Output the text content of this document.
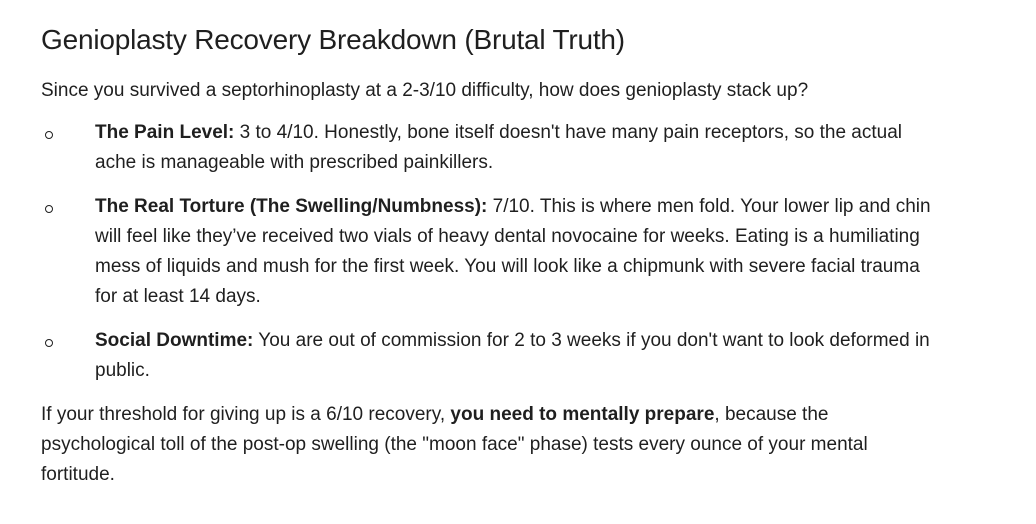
Genioplasty Recovery Breakdown (Brutal Truth)

Since you survived a septorhinoplasty at a 2-3/10 difficulty, how does genioplasty stack up?

The Pain Level: 3 to 4/10. Honestly, bone itself doesn't have many pain receptors, so the actual ache is manageable with prescribed painkillers.
The Real Torture (The Swelling/Numbness): 7/10. This is where men fold. Your lower lip and chin will feel like they’ve received two vials of heavy dental novocaine for weeks. Eating is a humiliating mess of liquids and mush for the first week. You will look like a chipmunk with severe facial trauma for at least 14 days.
Social Downtime: You are out of commission for 2 to 3 weeks if you don't want to look deformed in public.

If your threshold for giving up is a 6/10 recovery, you need to mentally prepare, because the psychological toll of the post-op swelling (the "moon face" phase) tests every ounce of your mental fortitude.
